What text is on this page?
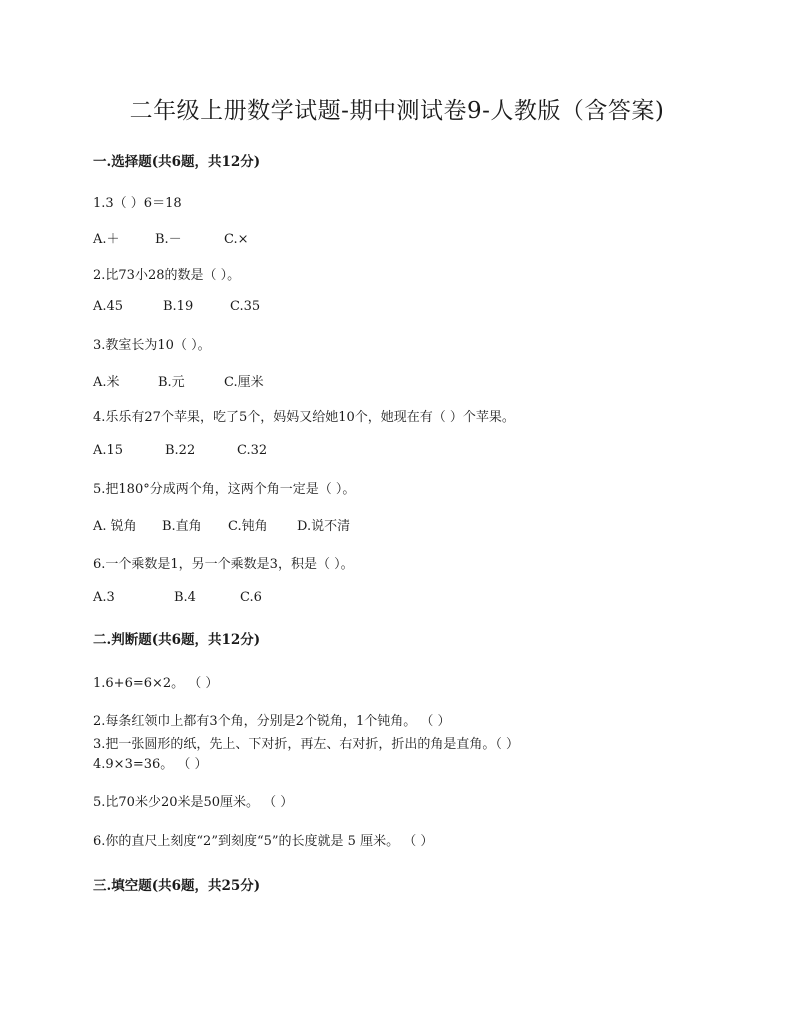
二年级上册数学试题-期中测试卷9-人教版（含答案)
一.选择题(共6题，共12分)
1.3（ ）6＝18
A.＋	B.－	C.×
2.比73小28的数是（ ）。
A.45	B.19	C.35
3.教室长为10（ ）。
A.米	B.元	C.厘米
4.乐乐有27个苹果，吃了5个，妈妈又给她10个，她现在有（ ）个苹果。
A.15	B.22	C.32
5.把180°分成两个角，这两个角一定是（ ）。
A. 锐角 B.直角 C.钝角 D.说不清
6.一个乘数是1，另一个乘数是3，积是（ ）。
A.3	B.4	C.6
二.判断题(共6题，共12分)
1.6+6=6×2。 （ ）
2.每条红领巾上都有3个角，分别是2个锐角，1个钝角。 （ ）
3.把一张圆形的纸，先上、下对折，再左、右对折，折出的角是直角。（ ）
4.9×3=36。 （ ）
5.比70米少20米是50厘米。 （ ）
6.你的直尺上刻度“2”到刻度“5”的长度就是 5 厘米。 （ ）
三.填空题(共6题，共25分)
